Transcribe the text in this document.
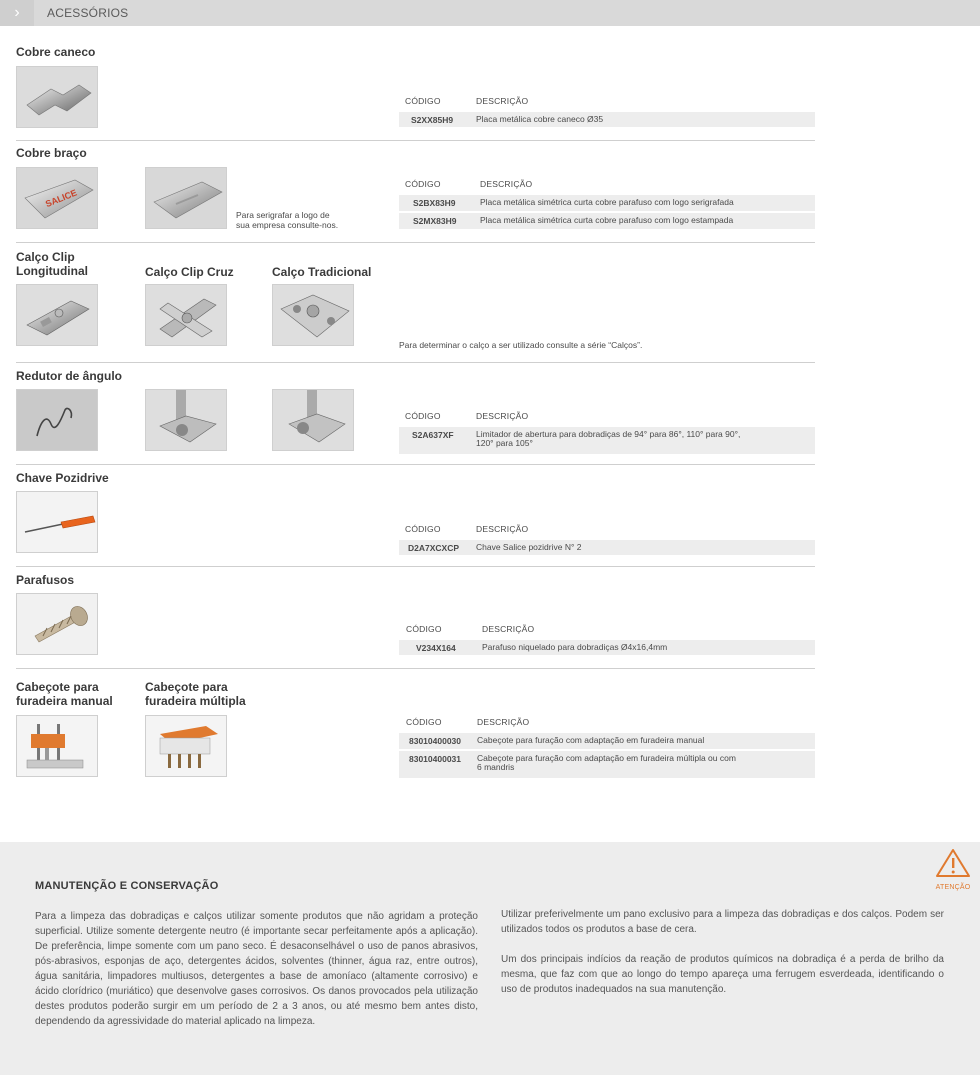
›	ACESSÓRIOS
Cobre caneco
CÓDIGO	DESCRIÇÃO
S2XX85H9	Placa metálica cobre caneco Ø35
Cobre braço
SALICE
Para serigrafar a logo de
sua empresa consulte-nos.
CÓDIGO	DESCRIÇÃO
S2BX83H9	Placa metálica simétrica curta cobre parafuso com logo serigrafada
S2MX83H9	Placa metálica simétrica curta cobre parafuso com logo estampada
Calço Clip
Longitudinal	Calço Clip Cruz	Calço Tradicional
Para determinar o calço a ser utilizado consulte a série “Calços”.
Redutor de ângulo
CÓDIGO	DESCRIÇÃO
S2A637XF	Limitador de abertura para dobradiças de 94° para 86°, 110° para 90°,
120° para 105°
Chave Pozidrive
CÓDIGO	DESCRIÇÃO
D2A7XCXCP Chave Salice pozidrive N° 2
Parafusos
CÓDIGO	DESCRIÇÃO
V234X164	Parafuso niquelado para dobradiças Ø4x16,4mm
Cabeçote para
furadeira manual
Cabeçote para
furadeira múltipla
CÓDIGO	DESCRIÇÃO
83010400030 Cabeçote para furação com adaptação em furadeira manual
83010400031 Cabeçote para furação com adaptação em furadeira múltipla ou com
6 mandris
ATENÇÃO
MANUTENÇÃO E CONSERVAÇÃO

Para a limpeza das dobradiças e calços utilizar somente produtos que não agridam a proteção superficial. Utilize somente detergente neutro (é importante secar perfeitamente após a aplicação). De preferência, limpe somente com um pano seco. É desaconselhável o uso de panos abrasivos, pós-abrasivos, esponjas de aço, detergentes ácidos, solventes (thinner, água raz, entre outros), água sanitária, limpadores multiusos, detergentes a base de amoníaco (altamente corrosivo) e ácido clorídrico (muriático) que desenvolve gases corrosivos. Os danos provocados pela utilização destes produtos poderão surgir em um período de 2 a 3 anos, ou até mesmo bem antes disto, dependendo da agressividade do material aplicado na limpeza.

Utilizar preferivelmente um pano exclusivo para a limpeza das dobradiças e dos calços. Podem ser utilizados todos os produtos a base de cera.

Um dos principais indícios da reação de produtos químicos na dobradiça é a perda de brilho da mesma, que faz com que ao longo do tempo apareça uma ferrugem esverdeada, identificando o uso de produtos inadequados na sua manutenção.
